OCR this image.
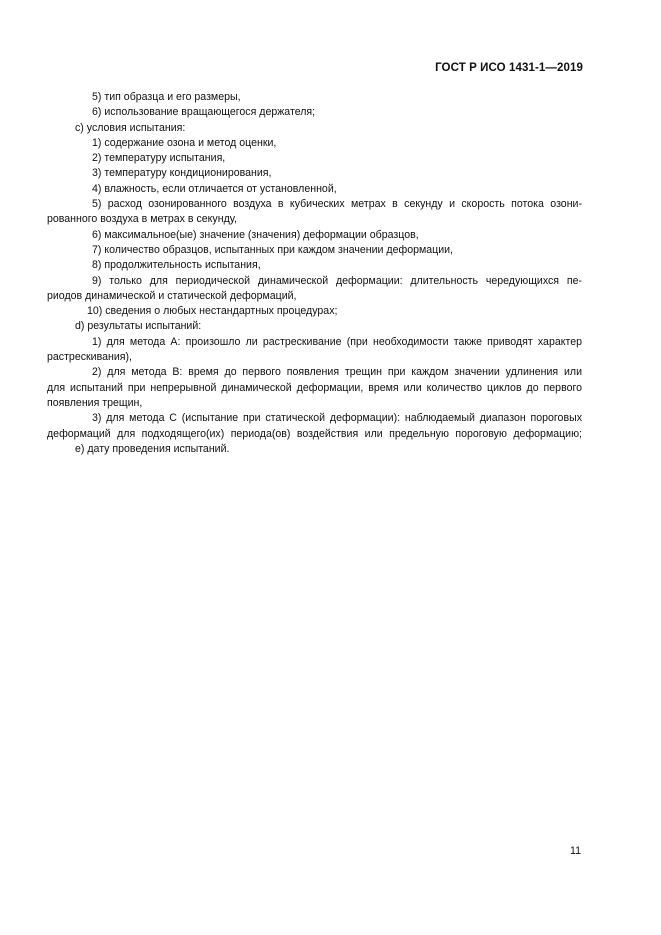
ГОСТ Р ИСО 1431-1—2019
5) тип образца и его размеры,
6) использование вращающегося держателя;
с) условия испытания:
1) содержание озона и метод оценки,
2) температуру испытания,
3) температуру кондиционирования,
4) влажность, если отличается от установленной,
5) расход озонированного воздуха в кубических метрах в секунду и скорость потока озони-
рованного воздуха в метрах в секунду,
6) максимальное(ые) значение (значения) деформации образцов,
7) количество образцов, испытанных при каждом значении деформации,
8) продолжительность испытания,
9) только для периодической динамической деформации: длительность чередующихся пе-
риодов динамической и статической деформаций,
10) сведения о любых нестандартных процедурах;
d) результаты испытаний:
1) для метода А: произошло ли растрескивание (при необходимости также приводят характер
растрескивания),
2) для метода В: время до первого появления трещин при каждом значении удлинения или
для испытаний при непрерывной динамической деформации, время или количество циклов до первого
появления трещин,
3) для метода С (испытание при статической деформации): наблюдаемый диапазон пороговых
деформаций для подходящего(их) периода(ов) воздействия или предельную пороговую деформацию;
е) дату проведения испытаний.
11
